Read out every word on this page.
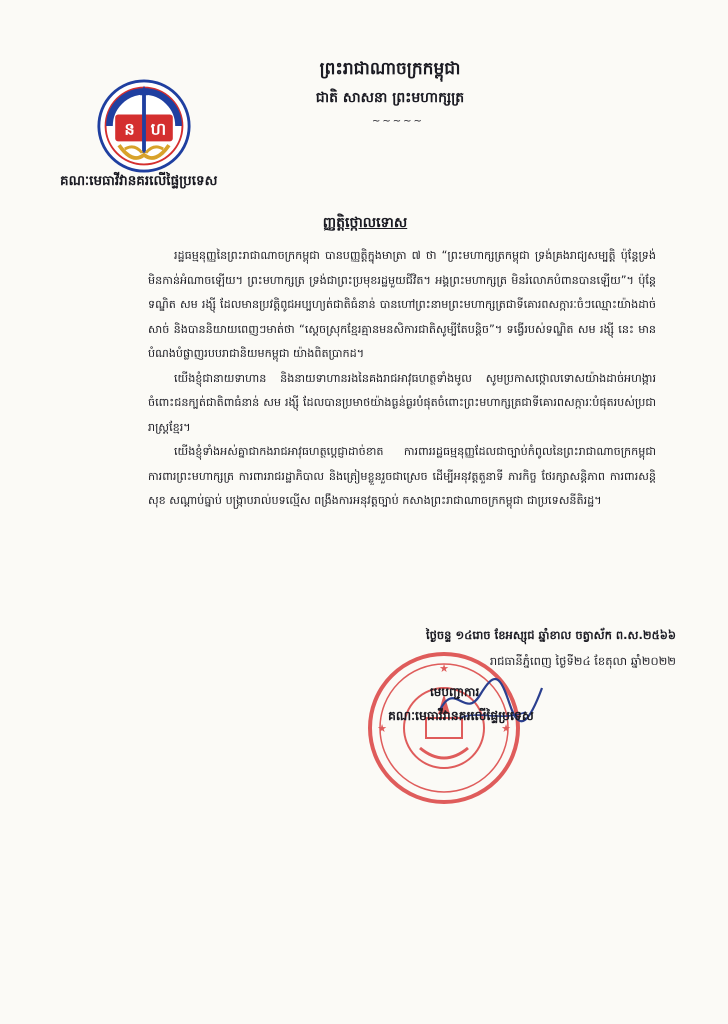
ព្រះរាជាណាចក្រកម្ពុជា
ជាតិ សាសនា ព្រះមហាក្សត្រ
~~~~~
ន ហ
គណៈមេធាវីវានគរលើផ្ទៃប្រទេស
ញ្ញត្តិថ្កោលទោស

រដ្ឋធម្មនុញ្ញនៃព្រះរាជាណាចក្រកម្ពុជា បានបញ្ញត្តិក្នុងមាត្រា ៧ ថា “ព្រះមហាក្សត្រកម្ពុជា ទ្រង់គ្រងរាជ្យសម្បត្តិ ប៉ុន្តែទ្រង់មិនកាន់អំណាចឡើយ។ ព្រះមហាក្សត្រ ទ្រង់ជាព្រះប្រមុខរដ្ឋមួយជីវិត។ អង្គព្រះមហាក្សត្រ មិនរំលោភបំពានបានឡើយ”។ ប៉ុន្តែ ទណ្ឌិត សម រង្ស៊ី ដែលមានប្រវត្តិពូជអប្បហ្យត់ជាតិធំនាន់ បានហៅព្រះនាមព្រះមហាក្សត្រជាទីគោរពសក្ការៈចំៗឈ្មោះយ៉ាងដាច់សាច់ និងបាននិយាយពេញៗមាត់ថា “ស្ដេចស្រុកខ្មែរគ្មានមនសិការជាតិសូម្បីតែបន្តិច”។ ទង្វើរបស់ទណ្ឌិត សម រង្ស៊ី នេះ មានបំណងបំផ្លាញរបបរាជានិយមកម្ពុជា យ៉ាងពិតប្រាកដ។

យើងខ្ញុំជានាយទាហាន និងនាយទាហានរងនៃគងរាជអាវុធហត្ថទាំងមូល សូមប្រកាសថ្កោលទោសយ៉ាងដាច់អហង្ការចំពោះជនក្បត់ជាតិពាធំនាន់ សម រង្ស៊ី ដែលបានប្រមាថយ៉ាងធ្ងន់ធ្ងរបំផុតចំពោះព្រះមហាក្សត្រជាទីគោរពសក្ការៈបំផុតរបស់ប្រជារាស្ត្រខ្មែរ។

យើងខ្ញុំទាំងអស់គ្នាជាកងរាជអាវុធហត្ថប្ដេជ្ញាដាច់ខាត ការពាររដ្ឋធម្មនុញ្ញដែលជាច្បាប់កំពូលនៃព្រះរាជាណាចក្រកម្ពុជា ការពារព្រះមហាក្សត្រ ការពាររាជរដ្ឋាភិបាល និងត្រៀមខ្លួនរួចជាស្រេច ដើម្បីអនុវត្តតួនាទី ភារកិច្ច ថែរក្សាសន្តិភាព ការពារសន្តិសុខ សណ្ដាប់ធ្នាប់ បង្ក្រាបរាល់បទល្មើស ពង្រឹងការអនុវត្តច្បាប់ កសាងព្រះរាជាណាចក្រកម្ពុជា ជាប្រទេសនីតិរដ្ឋ។

ថ្ងៃចន្ទ ១៤រោច ខែអស្សុជ ឆ្នាំខាល ចត្វាស័ក ព.ស.២៥៦៦
រាជធានីភ្នំពេញ ថ្ងៃទី២៤ ខែតុលា ឆ្នាំ២០២២
★
★	★
មេបញ្ជាការ
គណៈមេធាវីវានគរលើផ្ទៃប្រទេស
